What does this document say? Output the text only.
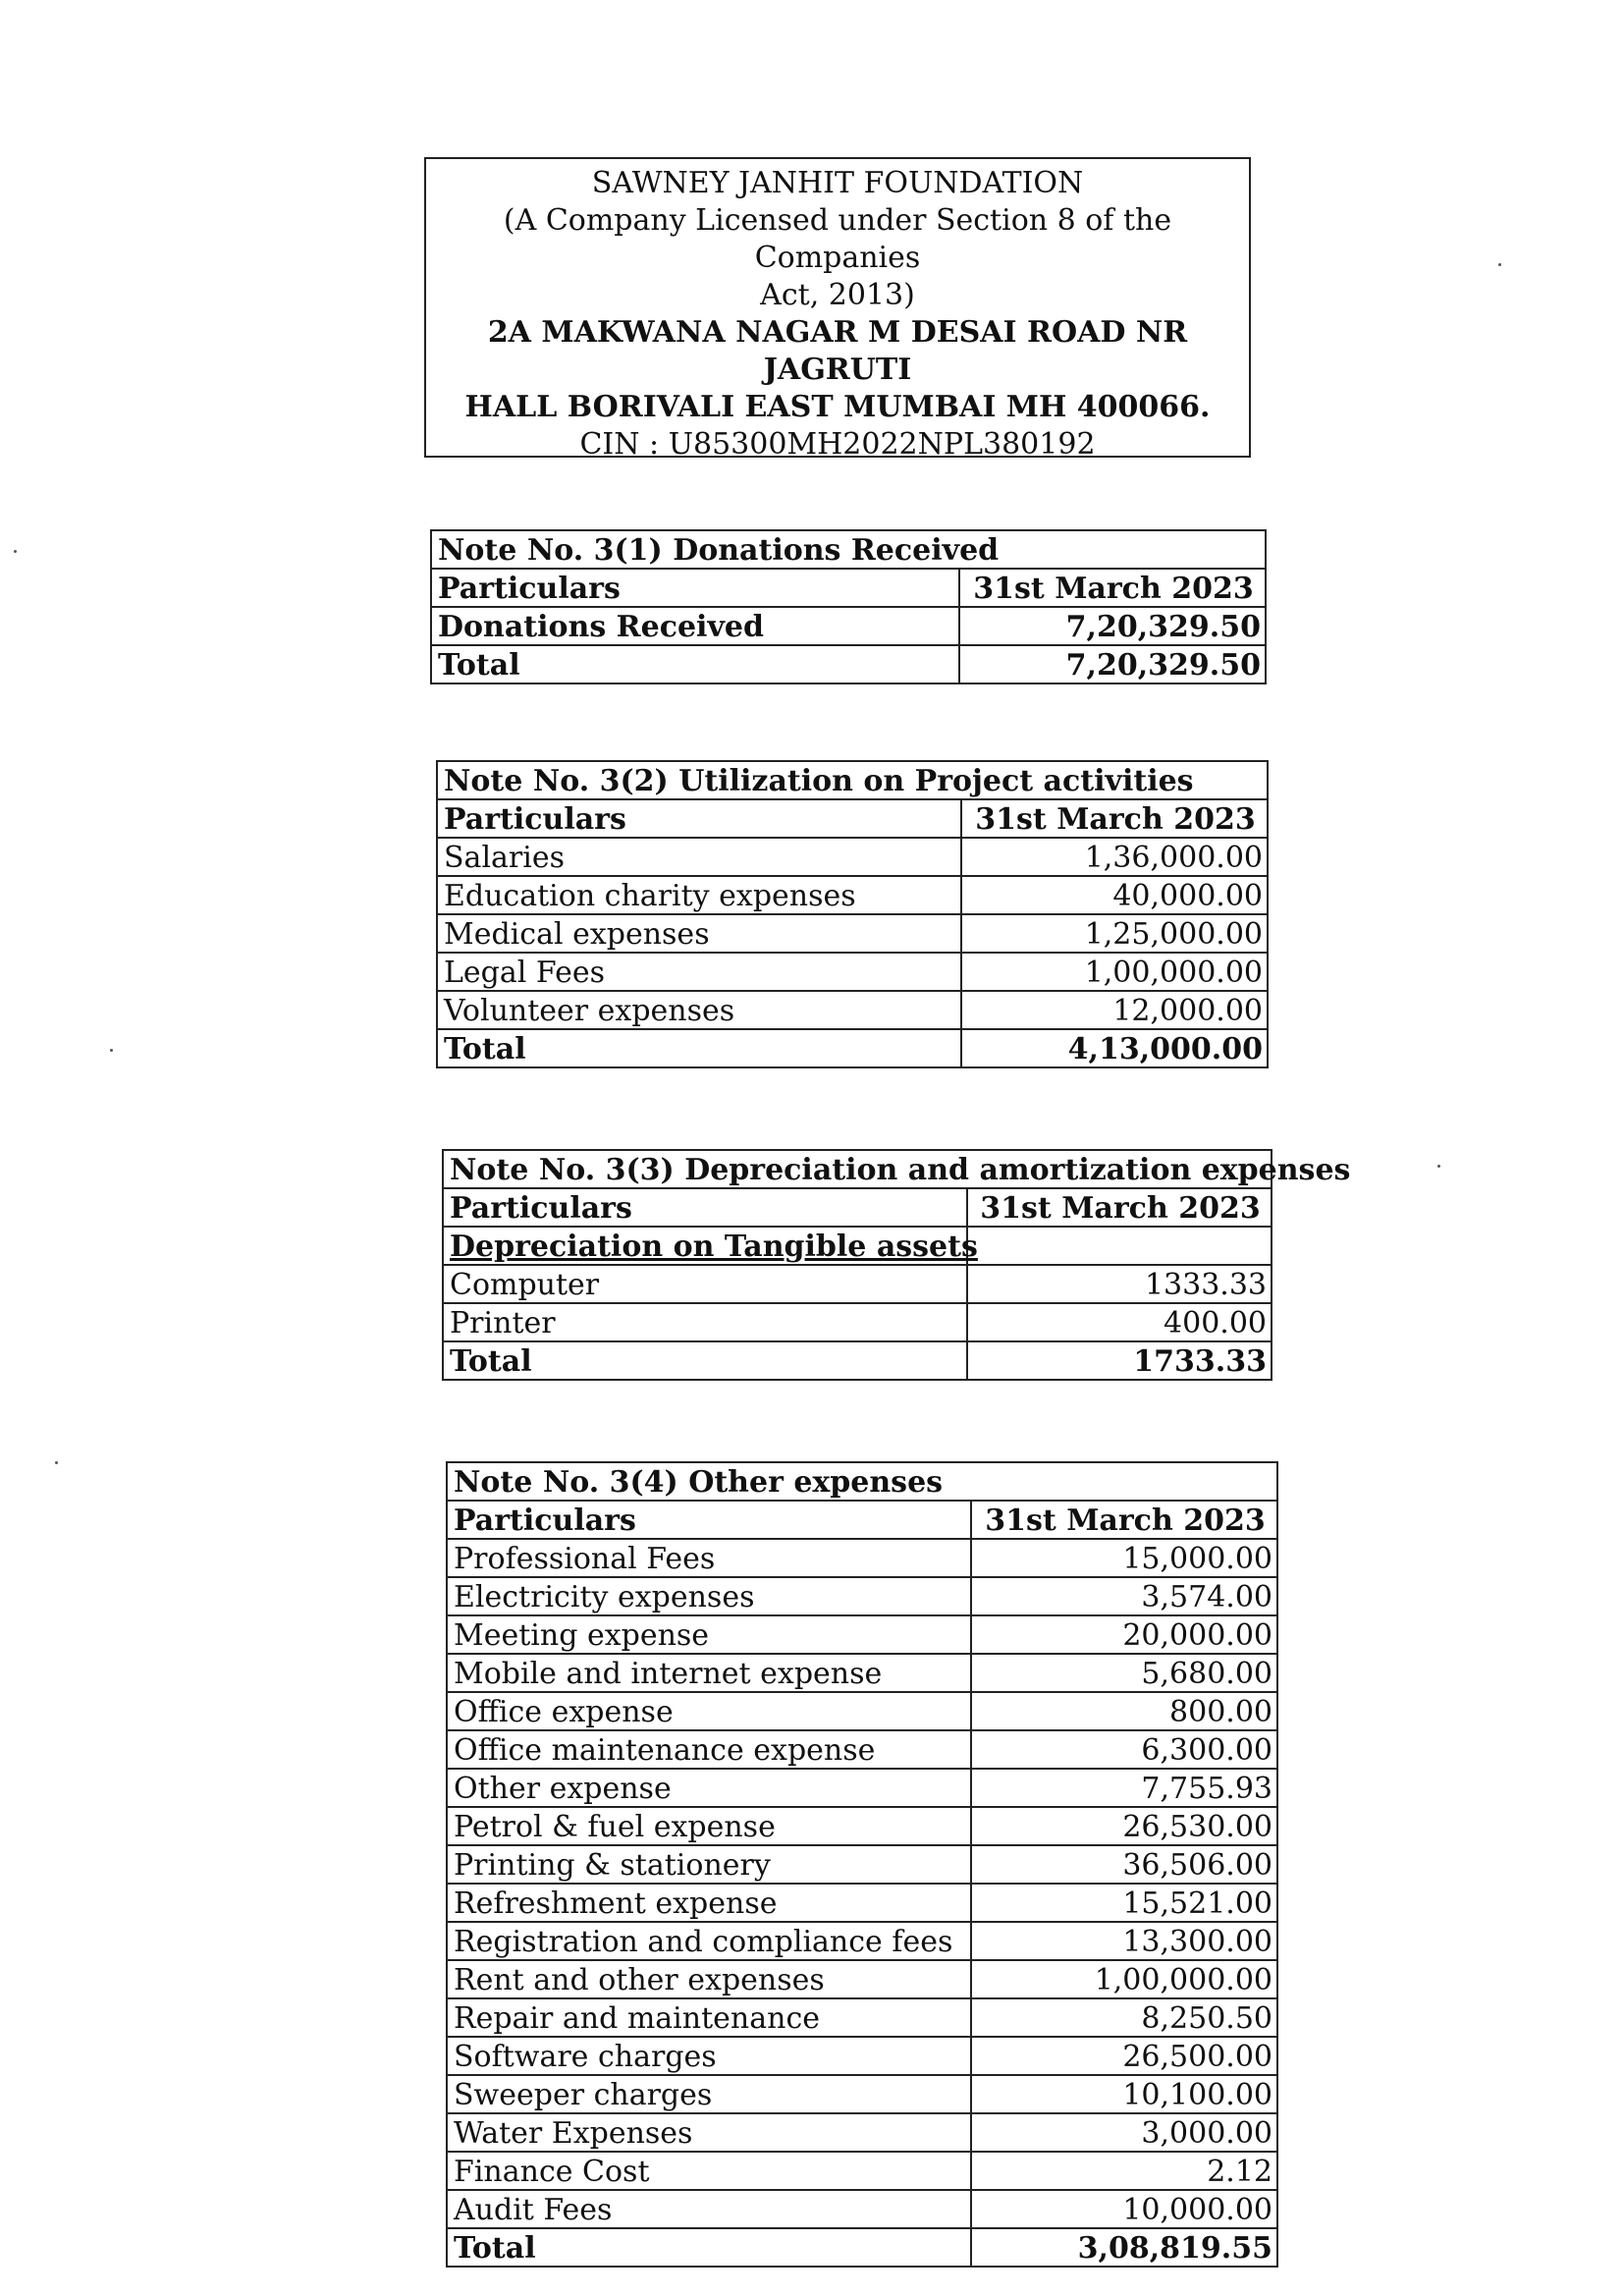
SAWNEY JANHIT FOUNDATION
(A Company Licensed under Section 8 of the Companies
Act, 2013)
2A MAKWANA NAGAR M DESAI ROAD NR JAGRUTI
HALL BORIVALI EAST MUMBAI MH 400066.
CIN : U85300MH2022NPL380192
Note No. 3(1) Donations Received	
Particulars	31st March 2023
Donations Received	7,20,329.50
Total	7,20,329.50
Note No. 3(2) Utilization on Project activities	
Particulars	31st March 2023
Salaries	1,36,000.00
Education charity expenses	40,000.00
Medical expenses	1,25,000.00
Legal Fees	1,00,000.00
Volunteer expenses	12,000.00
Total	4,13,000.00
Note No. 3(3) Depreciation and amortization expenses	
Particulars	31st March 2023
Depreciation on Tangible assets	
Computer	1333.33
Printer	400.00
Total	1733.33
Note No. 3(4) Other expenses	
Particulars	31st March 2023
Professional Fees	15,000.00
Electricity expenses	3,574.00
Meeting expense	20,000.00
Mobile and internet expense	5,680.00
Office expense	800.00
Office maintenance expense	6,300.00
Other expense	7,755.93
Petrol & fuel expense	26,530.00
Printing & stationery	36,506.00
Refreshment expense	15,521.00
Registration and compliance fees	13,300.00
Rent and other expenses	1,00,000.00
Repair and maintenance	8,250.50
Software charges	26,500.00
Sweeper charges	10,100.00
Water Expenses	3,000.00
Finance Cost	2.12
Audit Fees	10,000.00
Total	3,08,819.55
